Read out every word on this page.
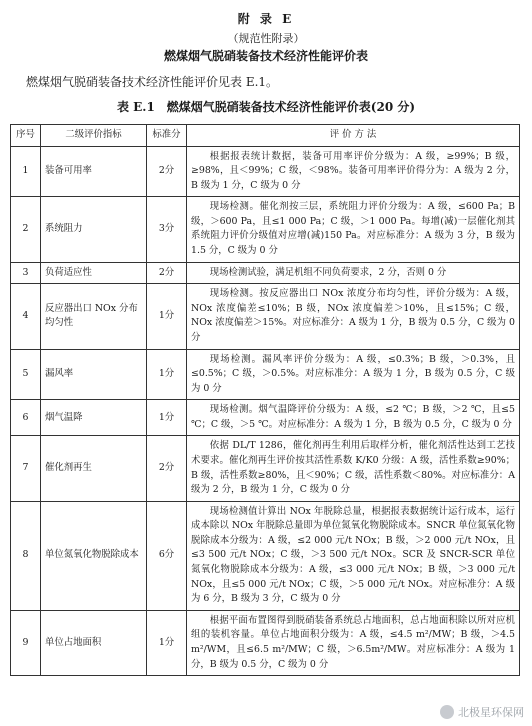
附 录 E
（规范性附录）
燃煤烟气脱硝装备技术经济性能评价表
燃煤烟气脱硝装备技术经济性能评价见表 E.1。
表 E.1　燃煤烟气脱硝装备技术经济性能评价表(20 分)
序号	二级评价指标	标准分	评 价 方 法
1	装备可用率	2分	根据报表统计数据，装备可用率评价分级为：A 级，≥99%；B 级，≥98%，且＜99%；C 级，＜98%。装备可用率评价得分为：A 级为 2 分，B 级为 1 分，C 级为 0 分
2	系统阻力	3分	现场检测。催化剂按三层，系统阻力评价分级为：A 级，≤600 Pa；B 级，＞600 Pa，且≤1 000 Pa；C 级，＞1 000 Pa。每增(减)一层催化剂其系统阻力评价分级值对应增(减)150 Pa。对应标准分：A 级为 3 分，B 级为 1.5 分，C 级为 0 分
3	负荷适应性	2分	现场检测试验，满足机组不同负荷要求，2 分，否则 0 分
4	反应器出口 NOx 分布均匀性	1分	现场检测。按反应器出口 NOx 浓度分布均匀性，评价分级为：A 级，NOx 浓度偏差≤10%；B 级，NOx 浓度偏差＞10%，且≤15%；C 级，NOx 浓度偏差＞15%。对应标准分：A 级为 1 分，B 级为 0.5 分，C 级为 0 分
5	漏风率	1分	现场检测。漏风率评价分级为：A 级，≤0.3%；B 级，＞0.3%，且≤0.5%；C 级，＞0.5%。对应标准分：A 级为 1 分，B 级为 0.5 分，C 级为 0 分
6	烟气温降	1分	现场检测。烟气温降评价分级为：A 级，≤2 ℃；B 级，＞2 ℃，且≤5 ℃；C 级，＞5 ℃。对应标准分：A 级为 1 分，B 级为 0.5 分，C 级为 0 分
7	催化剂再生	2分	依据 DL/T 1286，催化剂再生利用后取样分析，催化剂活性达到工艺技术要求。催化剂再生评价按其活性系数 K/K0 分级：A 级，活性系数≥90%；B 级，活性系数≥80%，且＜90%；C 级，活性系数＜80%。对应标准分：A 级为 2 分，B 级为 1 分，C 级为 0 分
8	单位氮氧化物脱除成本	6分	现场检测值计算出 NOx 年脱除总量，根据报表数据统计运行成本，运行成本除以 NOx 年脱除总量即为单位氮氧化物脱除成本。SNCR 单位氮氧化物脱除成本分级为：A 级，≤2 000 元/t NOx；B 级，＞2 000 元/t NOx，且≤3 500 元/t NOx；C 级，＞3 500 元/t NOx。SCR 及 SNCR-SCR 单位氮氧化物脱除成本分级为：A 级，≤3 000 元/t NOx；B 级，＞3 000 元/t NOx，且≤5 000 元/t NOx；C 级，＞5 000 元/t NOx。对应标准分：A 级为 6 分，B 级为 3 分，C 级为 0 分
9	单位占地面积	1分	根据平面布置图得到脱硝装备系统总占地面积，总占地面积除以所对应机组的装机容量。单位占地面积分级为：A 级，≤4.5 m²/MW；B 级，＞4.5 m²/WM，且≤6.5 m²/MW；C 级，＞6.5m²/MW。对应标准分：A 级为 1 分，B 级为 0.5 分，C 级为 0 分
北极星环保网
